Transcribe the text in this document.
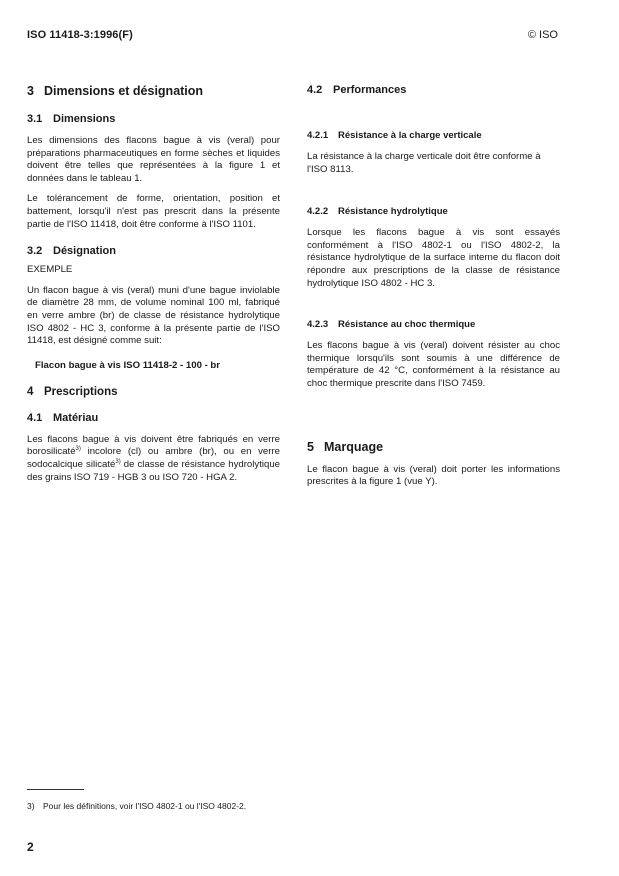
ISO 11418-3:1996(F)	© ISO
3 Dimensions et désignation
3.1 Dimensions

Les dimensions des flacons bague à vis (veral) pour préparations pharmaceutiques en forme sèches et liquides doivent être telles que représentées à la figure 1 et données dans le tableau 1.

Le tolérancement de forme, orientation, position et battement, lorsqu'il n'est pas prescrit dans la présente partie de l'ISO 11418, doit être conforme à l'ISO 1101.

3.2 Désignation

EXEMPLE

Un flacon bague à vis (veral) muni d'une bague inviolable de diamètre 28 mm, de volume nominal 100 ml, fabriqué en verre ambre (br) de classe de résistance hydrolytique ISO 4802 - HC 3, conforme à la présente partie de l'ISO 11418, est désigné comme suit:

Flacon bague à vis ISO 11418-2 - 100 - br

4 Prescriptions
4.1 Matériau

Les flacons bague à vis doivent être fabriqués en verre borosilicaté$^{3)}$ incolore (cl) ou ambre (br), ou en verre sodocalcique silicaté$^{3)}$ de classe de résistance hydrolytique des grains ISO 719 - HGB 3 ou ISO 720 - HGA 2.

4.2 Performances
4.2.1 Résistance à la charge verticale

La résistance à la charge verticale doit être conforme à l'ISO 8113.

4.2.2 Résistance hydrolytique

Lorsque les flacons bague à vis sont essayés conformément à l'ISO 4802-1 ou l'ISO 4802-2, la résistance hydrolytique de la surface interne du flacon doit répondre aux prescriptions de la classe de résistance hydrolytique ISO 4802 - HC 3.

4.2.3 Résistance au choc thermique

Les flacons bague à vis (veral) doivent résister au choc thermique lorsqu'ils sont soumis à une différence de température de 42 °C, conformément à la résistance au choc thermique prescrite dans l'ISO 7459.

5 Marquage

Le flacon bague à vis (veral) doit porter les informations prescrites à la figure 1 (vue Y).

3) Pour les définitions, voir l'ISO 4802-1 ou l'ISO 4802-2.
2
